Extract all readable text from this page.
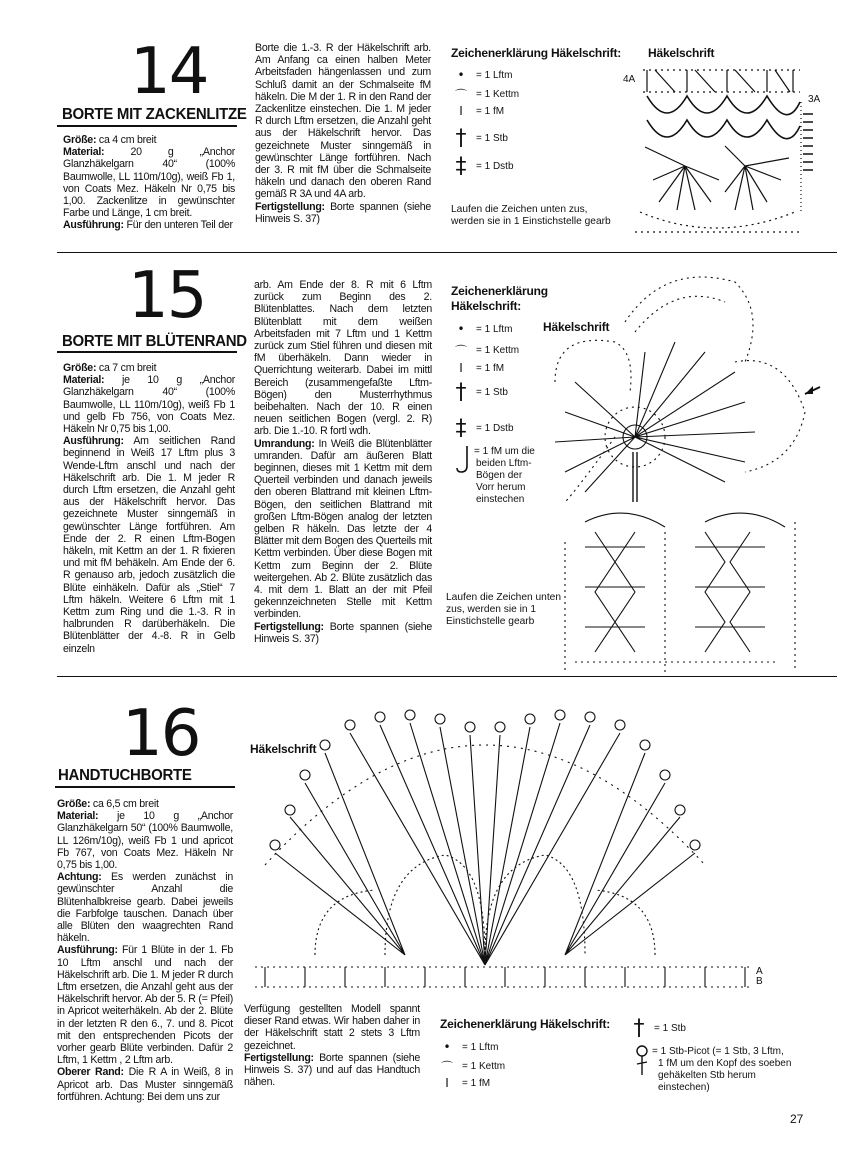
14
BORTE MIT ZACKENLITZE
Größe: ca 4 cm breit
Material: 20 g „Anchor Glanzhäkelgarn 40“ (100% Baumwolle, LL 110m/10g), weiß Fb 1, von Coats Mez. Häkeln Nr 0,75 bis 1,00. Zackenlitze in gewünschter Farbe und Länge, 1 cm breit.
Ausführung: Für den unteren Teil der
Borte die 1.-3. R der Häkelschrift arb. Am Anfang ca einen halben Meter Arbeitsfaden hängenlassen und zum Schluß damit an der Schmalseite fM häkeln. Die M der 1. R in den Rand der Zackenlitze einstechen. Die 1. M jeder R durch Lftm ersetzen, die Anzahl geht aus der Häkelschrift hervor. Das gezeichnete Muster sinngemäß in gewünschter Länge fortführen. Nach der 3. R mit fM über die Schmalseite häkeln und danach den oberen Rand gemäß R 3A und 4A arb.
Fertigstellung: Borte spannen (siehe Hinweis S. 37)
Zeichenerklärung Häkelschrift:
•	= 1 Lftm
⌒ = 1 Kettm
I	= 1 fM
† = 1 Stb
‡ = 1 Dstb
Laufen die Zeichen unten zus, werden sie in 1 Einstichstelle gearb
Häkelschrift
4A
3A
15
BORTE MIT BLÜTENRAND
Größe: ca 7 cm breit
Material: je 10 g „Anchor Glanzhäkelgarn 40“ (100% Baumwolle, LL 110m/10g), weiß Fb 1 und gelb Fb 756, von Coats Mez. Häkeln Nr 0,75 bis 1,00.
Ausführung: Am seitlichen Rand beginnend in Weiß 17 Lftm plus 3 Wende-Lftm anschl und nach der Häkelschrift arb. Die 1. M jeder R durch Lftm ersetzen, die Anzahl geht aus der Häkelschrift hervor. Das gezeichnete Muster sinngemäß in gewünschter Länge fortführen. Am Ende der 2. R einen Lftm-Bogen häkeln, mit Kettm an der 1. R fixieren und mit fM behäkeln. Am Ende der 6. R genauso arb, jedoch zusätzlich die Blüte einhäkeln. Dafür als „Stiel“ 7 Lftm häkeln. Weitere 6 Lftm mit 1 Kettm zum Ring und die 1.-3. R in halbrunden R darüberhäkeln. Die Blütenblätter der 4.-8. R in Gelb einzeln
arb. Am Ende der 8. R mit 6 Lftm zurück zum Beginn des 2. Blütenblattes. Nach dem letzten Blütenblatt mit dem weißen Arbeitsfaden mit 7 Lftm und 1 Kettm zurück zum Stiel führen und diesen mit fM überhäkeln. Dann wieder in Querrichtung weiterarb. Dabei im mittl Bereich (zusammengefaßte Lftm-Bögen) den Musterrhythmus beibehalten. Nach der 10. R einen neuen seitlichen Bogen (vergl. 2. R) arb. Die 1.-10. R fortl wdh.
Umrandung: In Weiß die Blütenblätter umranden. Dafür am äußeren Blatt beginnen, dieses mit 1 Kettm mit dem Querteil verbinden und danach jeweils den oberen Blattrand mit kleinen Lftm-Bögen, den seitlichen Blattrand mit großen Lftm-Bögen analog der letzten gelben R häkeln. Das letzte der 4 Blätter mit dem Bogen des Querteils mit Kettm verbinden. Über diese Bogen mit Kettm zum Beginn der 2. Blüte weitergehen. Ab 2. Blüte zusätzlich das 4. mit dem 1. Blatt an der mit Pfeil gekennzeichneten Stelle mit Kettm verbinden.
Fertigstellung: Borte spannen (siehe Hinweis S. 37)
Zeichenerklärung
Häkelschrift:
•	= 1 Lftm
⌒ = 1 Kettm
I	= 1 fM
† = 1 Stb
‡ = 1 Dstb
= 1 fM um die
beiden Lftm-
Bögen der
Vorr herum
einstechen
Laufen die Zeichen unten zus, werden sie in 1 Einstichstelle gearb
Häkelschrift
16
HANDTUCHBORTE
Größe: ca 6,5 cm breit
Material: je 10 g „Anchor Glanzhäkelgarn 50“ (100% Baumwolle, LL 126m/10g), weiß Fb 1 und apricot Fb 767, von Coats Mez. Häkeln Nr 0,75 bis 1,00.
Achtung: Es werden zunächst in gewünschter Anzahl die Blütenhalbkreise gearb. Dabei jeweils die Farbfolge tauschen. Danach über alle Blüten den waagrechten Rand häkeln.
Ausführung: Für 1 Blüte in der 1. Fb 10 Lftm anschl und nach der Häkelschrift arb. Die 1. M jeder R durch Lftm ersetzen, die Anzahl geht aus der Häkelschrift hervor. Ab der 5. R (= Pfeil) in Apricot weiterhäkeln. Ab der 2. Blüte in der letzten R den 6., 7. und 8. Picot mit den entsprechenden Picots der vorher gearb Blüte verbinden. Dafür 2 Lftm, 1 Kettm , 2 Lftm arb.
Oberer Rand: Die R A in Weiß, 8 in Apricot arb. Das Muster sinngemäß fortführen. Achtung: Bei dem uns zur
Verfügung gestellten Modell spannt dieser Rand etwas. Wir haben daher in der Häkelschrift statt 2 stets 3 Lftm gezeichnet.
Fertigstellung: Borte spannen (siehe Hinweis S. 37) und auf das Handtuch nähen.
Häkelschrift
A
B
Zeichenerklärung Häkelschrift:
•	= 1 Lftm
⌒ = 1 Kettm
I	= 1 fM
† = 1 Stb
= 1 Stb-Picot (= 1 Stb, 3 Lftm,
1 fM um den Kopf des soeben
gehäkelten Stb herum
einstechen)
27
